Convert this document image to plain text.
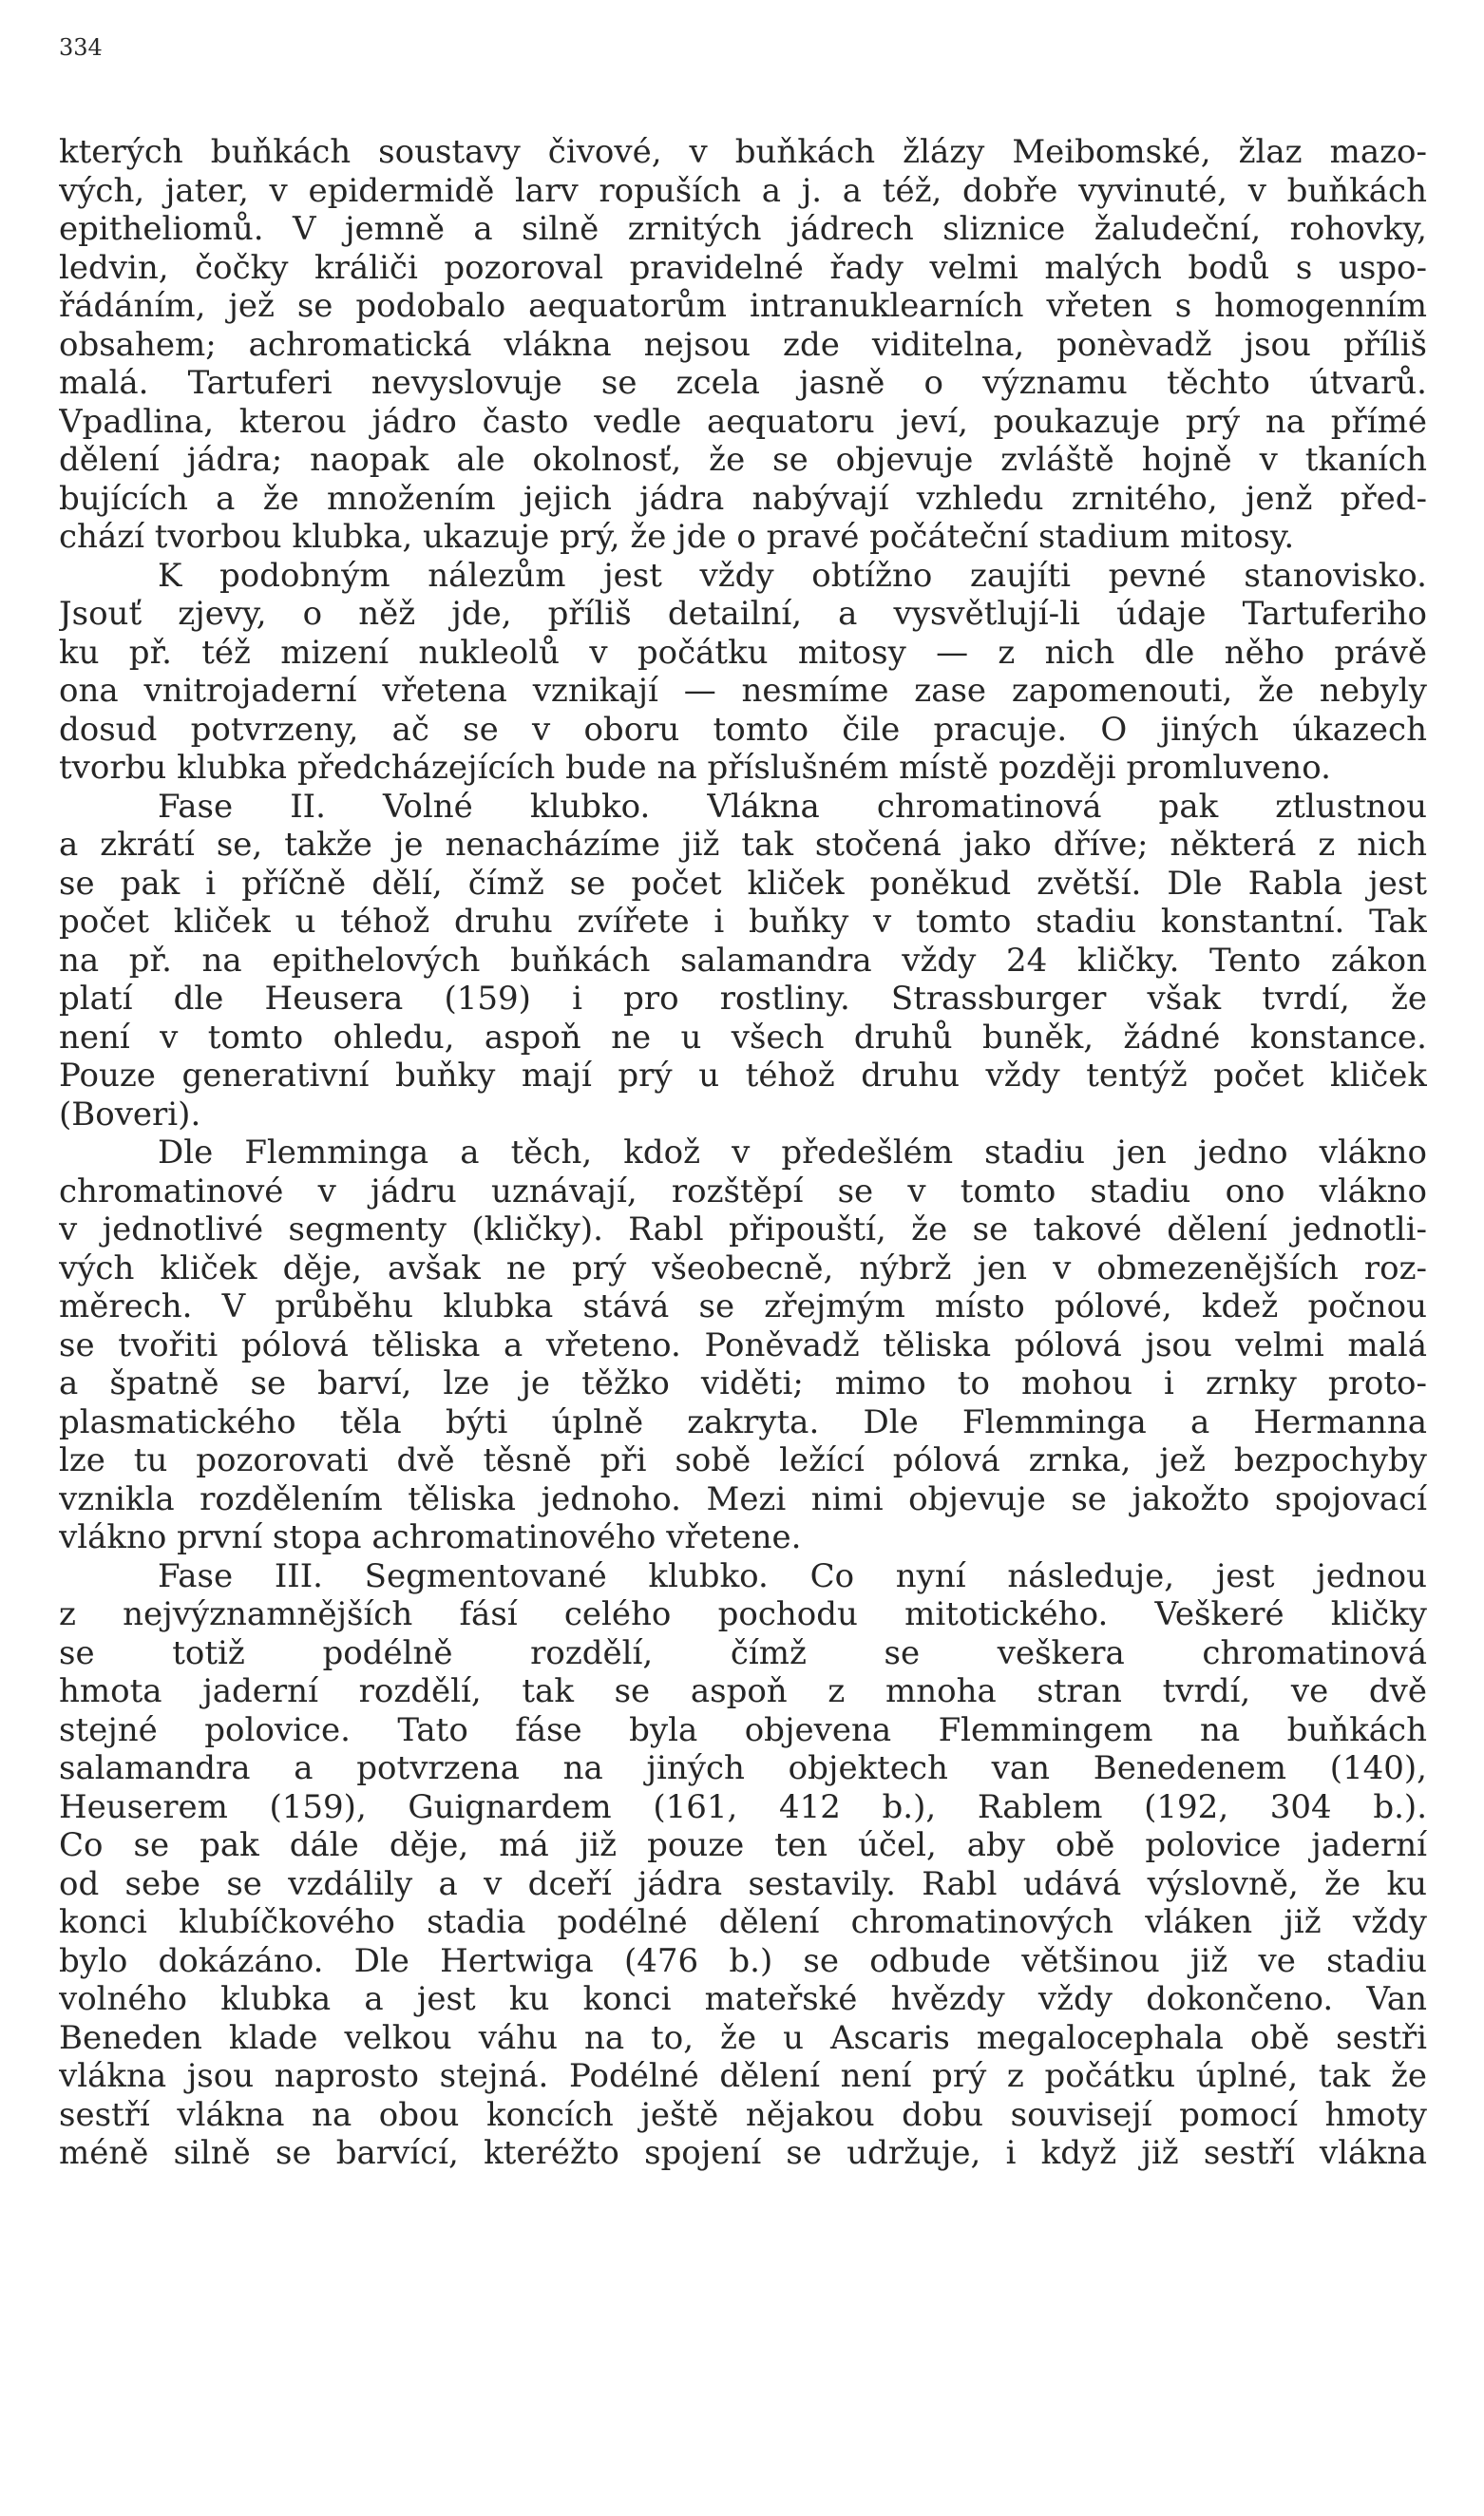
334
kterých buňkách soustavy čivové, v buňkách žlázy Meibomské, žlaz mazo-
vých, jater, v epidermidě larv ropuších a j. a též, dobře vyvinuté, v buňkách
epitheliomů. V jemně a silně zrnitých jádrech sliznice žaludeční, rohovky,
ledvin, čočky králiči pozoroval pravidelné řady velmi malých bodů s uspo-
řádáním, jež se podobalo aequatorům intranuklearních vřeten s homogenním
obsahem; achromatická vlákna nejsou zde viditelna, ponèvadž jsou příliš
malá. Tartuferi nevyslovuje se zcela jasně o významu těchto útvarů.
Vpadlina, kterou jádro často vedle aequatoru jeví, poukazuje prý na přímé
dělení jádra; naopak ale okolnosť, že se objevuje zvláště hojně v tkaních
bujících a že množením jejich jádra nabývají vzhledu zrnitého, jenž před-
chází tvorbou klubka, ukazuje prý, že jde o pravé počáteční stadium mitosy.
K podobným nálezům jest vždy obtížno zaujíti pevné stanovisko.
Jsouť zjevy, o něž jde, příliš detailní, a vysvětlují-li údaje Tartuferiho
ku př. též mizení nukleolů v počátku mitosy — z nich dle něho právě
ona vnitrojaderní vřetena vznikají — nesmíme zase zapomenouti, že nebyly
dosud potvrzeny, ač se v oboru tomto čile pracuje. O jiných úkazech
tvorbu klubka předcházejících bude na příslušném místě později promluveno.
Fase II. Volné klubko. Vlákna chromatinová pak ztlustnou
a zkrátí se, takže je nenacházíme již tak stočená jako dříve; některá z nich
se pak i příčně dělí, čímž se počet kliček poněkud zvětší. Dle Rabla jest
počet kliček u téhož druhu zvířete i buňky v tomto stadiu konstantní. Tak
na př. na epithelových buňkách salamandra vždy 24 kličky. Tento zákon
platí dle Heusera (159) i pro rostliny. Strassburger však tvrdí, že
není v tomto ohledu, aspoň ne u všech druhů buněk, žádné konstance.
Pouze generativní buňky mají prý u téhož druhu vždy tentýž počet kliček
(Boveri).
Dle Flemminga a těch, kdož v předešlém stadiu jen jedno vlákno
chromatinové v jádru uznávají, rozštěpí se v tomto stadiu ono vlákno
v jednotlivé segmenty (kličky). Rabl připouští, že se takové dělení jednotli-
vých kliček děje, avšak ne prý všeobecně, nýbrž jen v obmezenějších roz-
měrech. V průběhu klubka stává se zřejmým místo pólové, kdež počnou
se tvořiti pólová těliska a vřeteno. Poněvadž těliska pólová jsou velmi malá
a špatně se barví, lze je těžko viděti; mimo to mohou i zrnky proto-
plasmatického těla býti úplně zakryta. Dle Flemminga a Hermanna
lze tu pozorovati dvě těsně při sobě ležící pólová zrnka, jež bezpochyby
vznikla rozdělením těliska jednoho. Mezi nimi objevuje se jakožto spojovací
vlákno první stopa achromatinového vřetene.
Fase III. Segmentované klubko. Co nyní následuje, jest jednou
z nejvýznamnějších fásí celého pochodu mitotického. Veškeré kličky
se totiž podélně rozdělí, čímž se veškera chromatinová
hmota jaderní rozdělí, tak se aspoň z mnoha stran tvrdí, ve dvě
stejné polovice. Tato fáse byla objevena Flemmingem na buňkách
salamandra a potvrzena na jiných objektech van Benedenem (140),
Heuserem (159), Guignardem (161, 412 b.), Rablem (192, 304 b.).
Co se pak dále děje, má již pouze ten účel, aby obě polovice jaderní
od sebe se vzdálily a v dceří jádra sestavily. Rabl udává výslovně, že ku
konci klubíčkového stadia podélné dělení chromatinových vláken již vždy
bylo dokázáno. Dle Hertwiga (476 b.) se odbude většinou již ve stadiu
volného klubka a jest ku konci mateřské hvězdy vždy dokončeno. Van
Beneden klade velkou váhu na to, že u Ascaris megalocephala obě sestři
vlákna jsou naprosto stejná. Podélné dělení není prý z počátku úplné, tak že
sestří vlákna na obou koncích ještě nějakou dobu souvisejí pomocí hmoty
méně silně se barvící, kteréžto spojení se udržuje, i když již sestří vlákna
